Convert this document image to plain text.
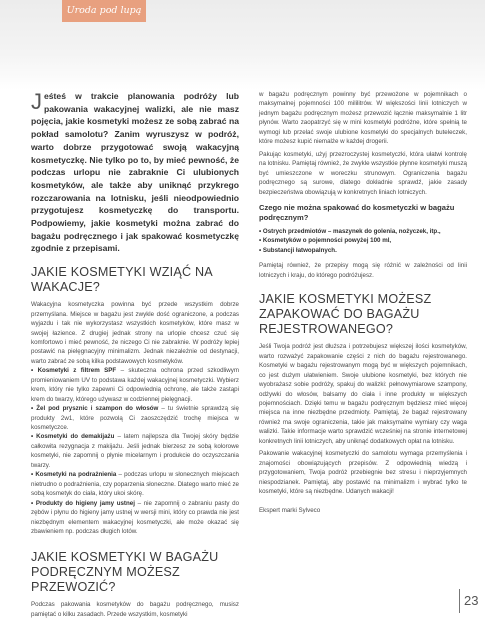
Uroda pod lupą

Jeśteś w trakcie planowania podróży lub pakowania wakacyjnej walizki, ale nie masz pojęcia, jakie kosmetyki możesz ze sobą zabrać na pokład samolotu? Zanim wyruszysz w podróż, warto dobrze przygotować swoją wakacyjną kosmetyczkę. Nie tylko po to, by mieć pewność, że podczas urlopu nie zabraknie Ci ulubionych kosmetyków, ale także aby uniknąć przykrego rozczarowania na lotnisku, jeśli nieodpowiednio przygotujesz kosmetyczkę do transportu. Podpowiemy, jakie kosmetyki można zabrać do bagażu podręcznego i jak spakować kosmetyczkę zgodnie z przepisami.

JAKIE KOSMETYKI WZIĄĆ NA WAKACJE?

Wakacyjna kosmetyczka powinna być przede wszystkim dobrze przemyślana. Miejsce w bagażu jest zwykle dość ograniczone, a podczas wyjazdu i tak nie wykorzystasz wszystkich kosmetyków, które masz w swojej łazience. Z drugiej jednak strony na urlopie chcesz czuć się komfortowo i mieć pewność, że niczego Ci nie zabraknie. W podróży lepiej postawić na pielęgnacyjny minimalizm. Jednak niezależnie od destynacji, warto zabrać ze sobą kilka podstawowych kosmetyków.

• Kosmetyki z filtrem SPF – skuteczna ochrona przed szkodliwym promieniowaniem UV to podstawa każdej wakacyjnej kosmetyczki. Wybierz krem, który nie tylko zapewni Ci odpowiednią ochronę, ale także zastąpi krem do twarzy, którego używasz w codziennej pielęgnacji.

• Żel pod prysznic i szampon do włosów – tu świetnie sprawdzą się produkty 2w1, które pozwolą Ci zaoszczędzić trochę miejsca w kosmetyczce.

• Kosmetyki do demakijażu – latem najlepsza dla Twojej skóry będzie całkowita rezygnacja z makijażu. Jeśli jednak bierzesz ze sobą kolorowe kosmetyki, nie zapomnij o płynie micelarnym i produkcie do oczyszczania twarzy.

• Kosmetyki na podrażnienia – podczas urlopu w słonecznych miejscach nietrudno o podrażnienia, czy poparzenia słoneczne. Dlatego warto mieć ze sobą kosmetyk do ciała, który ukoi skórę.

• Produkty do higieny jamy ustnej – nie zapomnij o zabraniu pasty do zębów i płynu do higieny jamy ustnej w wersji mini, który co prawda nie jest niezbędnym elementem wakacyjnej kosmetyczki, ale może okazać się zbawieniem np. podczas długich lotów.

JAKIE KOSMETYKI W BAGAŻU PODRĘCZNYM MOŻESZ PRZEWOZIĆ?

Podczas pakowania kosmetyków do bagażu podręcznego, musisz pamiętać o kilku zasadach. Przede wszystkim, kosmetyki

w bagażu podręcznym powinny być przewożone w pojemnikach o maksymalnej pojemności 100 mililitrów. W większości linii lotniczych w jednym bagażu podręcznym możesz przewozić łącznie maksymalnie 1 litr płynów. Warto zaopatrzyć się w mini kosmetyki podróżne, które spełnią te wymogi lub przelać swoje ulubione kosmetyki do specjalnych buteleczek, które możesz kupić niemalże w każdej drogerii.

Pakując kosmetyki, użyj przezroczystej kosmetyczki, która ułatwi kontrolę na lotnisku. Pamiętaj również, że zwykle wszystkie płynne kosmetyki muszą być umieszczone w woreczku strunowym. Ograniczenia bagażu podręcznego są surowe, dlatego dokładnie sprawdź, jakie zasady bezpieczeństwa obowiązują w konkretnych liniach lotniczych.

Czego nie można spakować do kosmetyczki w bagażu podręcznym?

• Ostrych przedmiotów – maszynek do golenia, nożyczek, itp.,
• Kosmetyków o pojemności powyżej 100 ml,
• Substancji łatwopalnych.

Pamiętaj również, że przepisy mogą się różnić w zależności od linii lotniczych i kraju, do którego podróżujesz.

JAKIE KOSMETYKI MOŻESZ ZAPAKOWAĆ DO BAGAŻU REJESTROWANEGO?

Jeśli Twoja podróż jest dłuższa i potrzebujesz większej ilości kosmetyków, warto rozważyć zapakowanie części z nich do bagażu rejestrowanego. Kosmetyki w bagażu rejestrowanym mogą być w większych pojemnikach, co jest dużym ułatwieniem. Swoje ulubione kosmetyki, bez których nie wyobrażasz sobie podróży, spakuj do walizki: pełnowymiarowe szampony, odżywki do włosów, balsamy do ciała i inne produkty w większych pojemnościach. Dzięki temu w bagażu podręcznym będziesz mieć więcej miejsca na inne niezbędne przedmioty. Pamiętaj, że bagaż rejestrowany również ma swoje ograniczenia, takie jak maksymalne wymiary czy waga walizki. Takie informacje warto sprawdzić wcześniej na stronie internetowej konkretnych linii lotniczych, aby uniknąć dodatkowych opłat na lotnisku.

Pakowanie wakacyjnej kosmetyczki do samolotu wymaga przemyślenia i znajomości obowiązujących przepisów. Z odpowiednią wiedzą i przygotowaniem, Twoja podróż przebiegnie bez stresu i nieprzyjemnych niespodzianek. Pamiętaj, aby postawić na minimalizm i wybrać tylko te kosmetyki, które są niezbędne. Udanych wakacji!

Ekspert marki Sylveco

23
